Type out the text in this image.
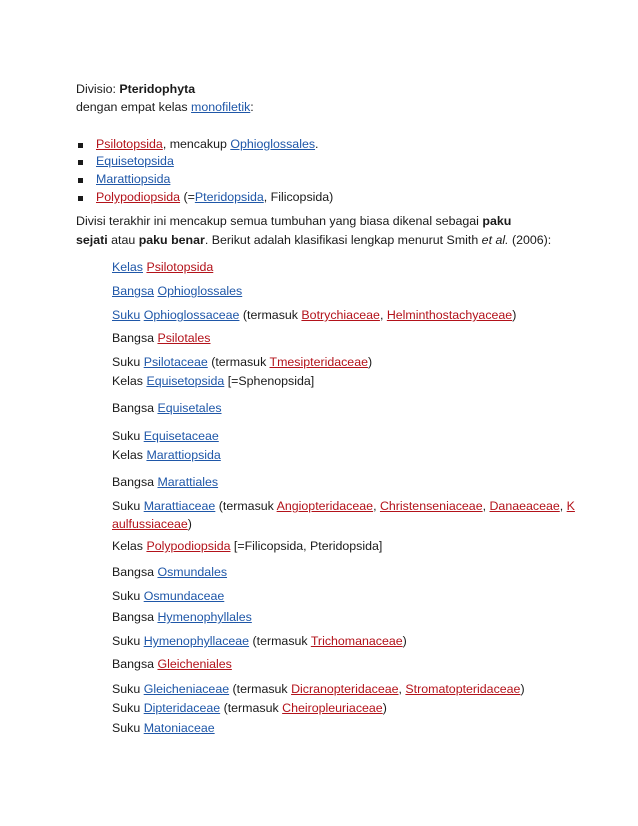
Divisio: Pteridophyta
dengan empat kelas monofiletik:
Psilotopsida, mencakup Ophioglossales.
Equisetopsida
Marattiopsida
Polypodiopsida (=Pteridopsida, Filicopsida)
Divisi terakhir ini mencakup semua tumbuhan yang biasa dikenal sebagai paku
sejati atau paku benar. Berikut adalah klasifikasi lengkap menurut Smith et al. (2006):
Kelas Psilotopsida
Bangsa Ophioglossales
Suku Ophioglossaceae (termasuk Botrychiaceae, Helminthostachyaceae)
Bangsa Psilotales
Suku Psilotaceae (termasuk Tmesipteridaceae)
Kelas Equisetopsida [=Sphenopsida]
Bangsa Equisetales
Suku Equisetaceae
Kelas Marattiopsida
Bangsa Marattiales
Suku Marattiaceae (termasuk Angiopteridaceae, Christenseniaceae, Danaeaceae, K
aulfussiaceae)
Kelas Polypodiopsida [=Filicopsida, Pteridopsida]
Bangsa Osmundales
Suku Osmundaceae
Bangsa Hymenophyllales
Suku Hymenophyllaceae (termasuk Trichomanaceae)
Bangsa Gleicheniales
Suku Gleicheniaceae (termasuk Dicranopteridaceae, Stromatopteridaceae)
Suku Dipteridaceae (termasuk Cheiropleuriaceae)
Suku Matoniaceae
